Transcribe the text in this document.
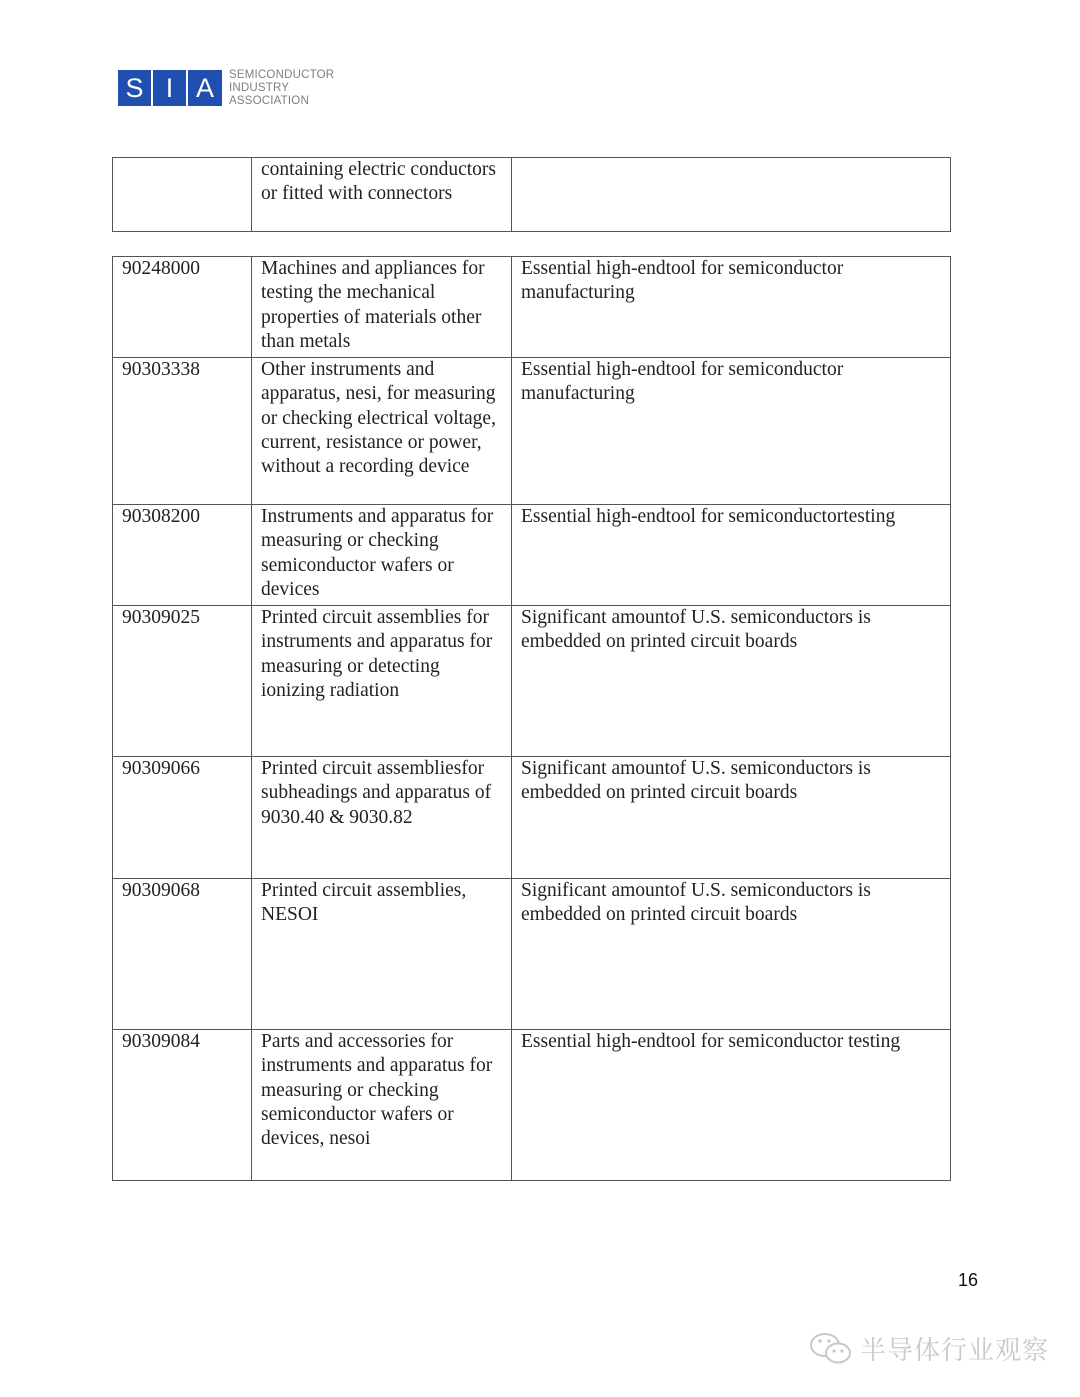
S I A	SEMICONDUCTOR
INDUSTRY
ASSOCIATION
	containing electric conductors or fitted with connectors	
90248000	Machines and appliances for testing the mechanical properties of materials other than metals	Essential high-endtool for semiconductor manufacturing
90303338	Other instruments and apparatus, nesi, for measuring or checking electrical voltage, current, resistance or power, without a recording device	Essential high-endtool for semiconductor manufacturing
90308200	Instruments and apparatus for measuring or checking semiconductor wafers or devices	Essential high-endtool for semiconductortesting
90309025	Printed circuit assemblies for instruments and apparatus for measuring or detecting ionizing radiation	Significant amountof U.S. semiconductors is embedded on printed circuit boards
90309066	Printed circuit assembliesfor subheadings and apparatus of 9030.40 & 9030.82	Significant amountof U.S. semiconductors is embedded on printed circuit boards
90309068	Printed circuit assemblies, NESOI	Significant amountof U.S. semiconductors is embedded on printed circuit boards
90309084	Parts and accessories for instruments and apparatus for measuring or checking semiconductor wafers or devices, nesoi	Essential high-endtool for semiconductor testing
16
半导体行业观察
